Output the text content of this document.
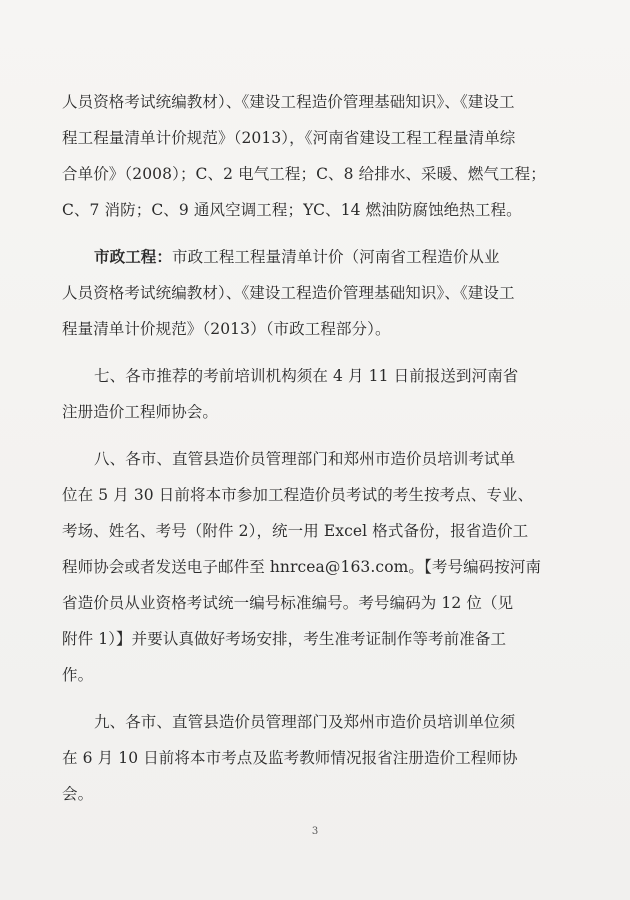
人员资格考试统编教材）、《建设工程造价管理基础知识》、《建设工
程工程量清单计价规范》（2013），《河南省建设工程工程量清单综
合单价》（2008）；C、2 电气工程；C、8 给排水、采暖、燃气工程；
C、7 消防；C、9 通风空调工程；YC、14 燃油防腐蚀绝热工程。
市政工程：市政工程工程量清单计价（河南省工程造价从业
人员资格考试统编教材）、《建设工程造价管理基础知识》、《建设工
程量清单计价规范》（2013）（市政工程部分）。
七、各市推荐的考前培训机构须在 4 月 11 日前报送到河南省
注册造价工程师协会。
八、各市、直管县造价员管理部门和郑州市造价员培训考试单
位在 5 月 30 日前将本市参加工程造价员考试的考生按考点、专业、
考场、姓名、考号（附件 2），统一用 Excel 格式备份，报省造价工
程师协会或者发送电子邮件至 hnrcea@163.com。【考号编码按河南
省造价员从业资格考试统一编号标准编号。考号编码为 12 位（见
附件 1）】并要认真做好考场安排，考生准考证制作等考前准备工
作。
九、各市、直管县造价员管理部门及郑州市造价员培训单位须
在 6 月 10 日前将本市考点及监考教师情况报省注册造价工程师协
会。
3
